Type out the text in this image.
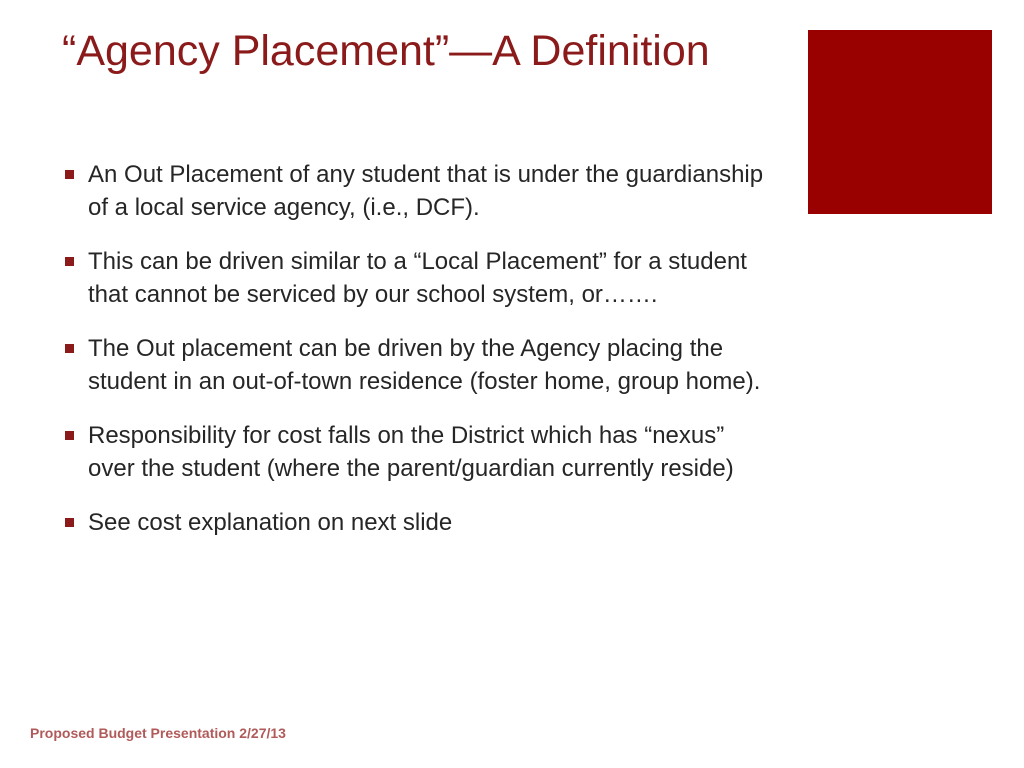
“Agency Placement”—A Definition
An Out Placement of any student that is under the guardianship of a local service agency, (i.e., DCF).
This can be driven similar to a “Local Placement” for a student that cannot be serviced by our school system, or…….
The Out placement can be driven by the Agency placing the student in an out-of-town residence (foster home, group home).
Responsibility for cost falls on the District which has “nexus” over the student (where the parent/guardian currently reside)
See cost explanation on next slide
Proposed Budget Presentation 2/27/13
